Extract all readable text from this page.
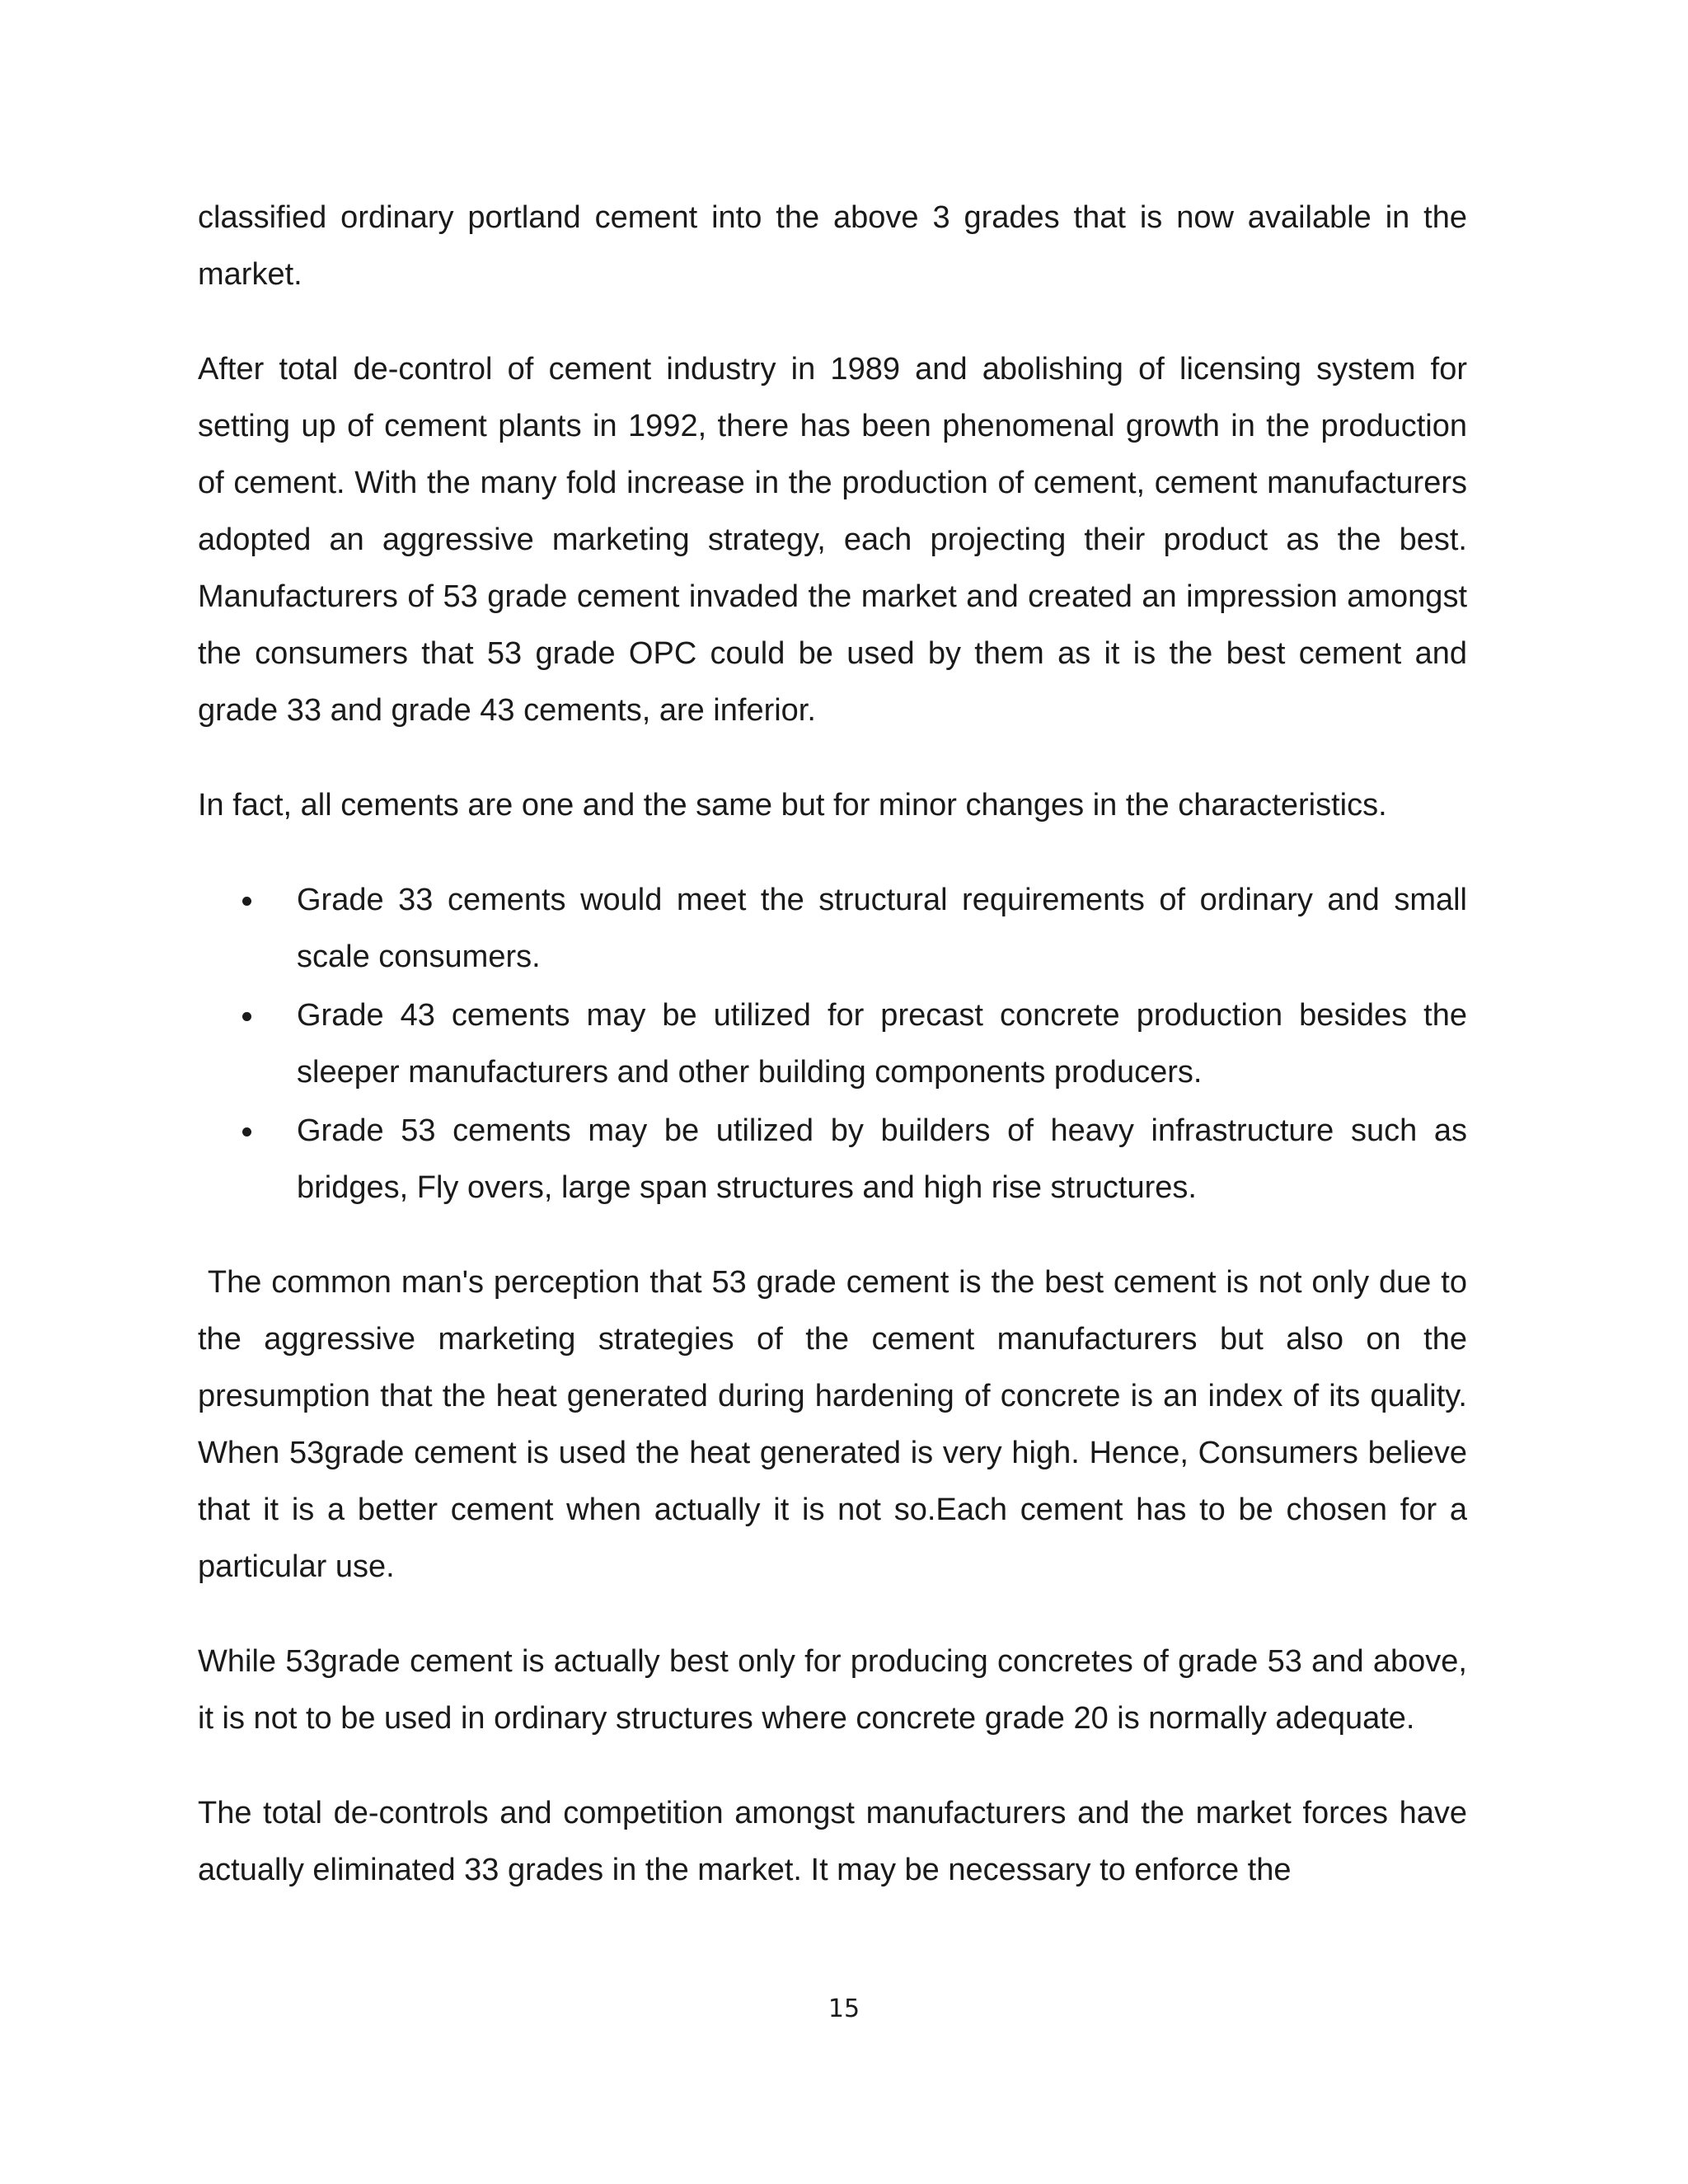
classified ordinary portland cement into the above 3 grades that is now available in the market.

After total de-control of cement industry in 1989 and abolishing of licensing system for setting up of cement plants in 1992, there has been phenomenal growth in the production of cement. With the many fold increase in the production of cement, cement manufacturers adopted an aggressive marketing strategy, each projecting their product as the best. Manufacturers of 53 grade cement invaded the market and created an impression amongst the consumers that 53 grade OPC could be used by them as it is the best cement and grade 33 and grade 43 cements, are inferior.

In fact, all cements are one and the same but for minor changes in the characteristics.

Grade 33 cements would meet the structural requirements of ordinary and small scale consumers.
Grade 43 cements may be utilized for precast concrete production besides the sleeper manufacturers and other building components producers.
Grade 53 cements may be utilized by builders of heavy infrastructure such as bridges, Fly overs, large span structures and high rise structures.

The common man's perception that 53 grade cement is the best cement is not only due to the aggressive marketing strategies of the cement manufacturers but also on the presumption that the heat generated during hardening of concrete is an index of its quality. When 53grade cement is used the heat generated is very high. Hence, Consumers believe that it is a better cement when actually it is not so.Each cement has to be chosen for a particular use.

While 53grade cement is actually best only for producing concretes of grade 53 and above, it is not to be used in ordinary structures where concrete grade 20 is normally adequate.

The total de-controls and competition amongst manufacturers and the market forces have actually eliminated 33 grades in the market. It may be necessary to enforce the

15
